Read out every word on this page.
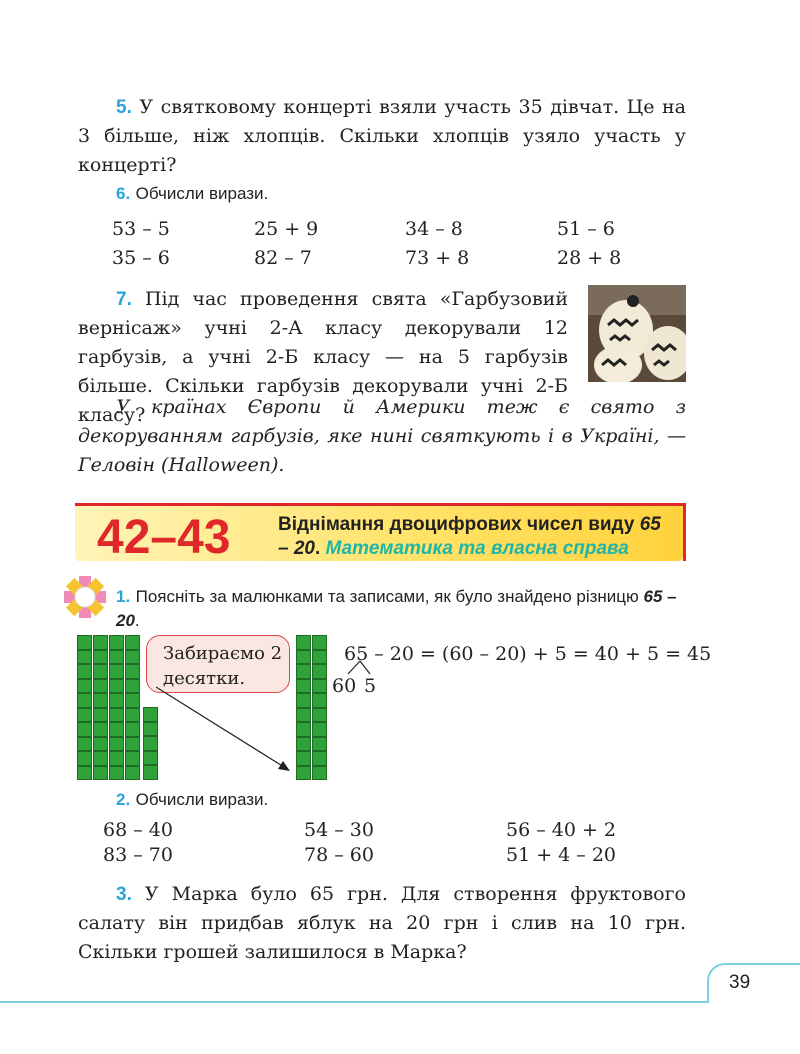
5. У святковому концерті взяли участь 35 дівчат. Це на 3 більше, ніж хлопців. Скільки хлопців узяло участь у концерті?
6. Обчисли вирази.
53 – 5	25 + 9	34 – 8	51 – 6
35 – 6	82 – 7	73 + 8	28 + 8
7. Під час проведення свята «Гарбузовий вернісаж» учні 2-А класу декорували 12 гарбузів, а учні 2-Б класу — на 5 гарбузів більше. Скільки гарбузів декорували учні 2-Б класу?
У країнах Європи й Америки теж є свято з декоруванням гарбузів, яке нині святкують і в Україні, — Геловін (Halloween).
42–43	Віднімання двоцифрових чисел виду 65 – 20. Математика та власна справа
1. Поясніть за малюнками та записами, як було знайдено різницю 65 – 20.
Забираємо 2 десятки.
65 – 20 = (60 – 20) + 5 = 40 + 5 = 45
60 5
2. Обчисли вирази.
68 – 40	54 – 30	56 – 40 + 2
83 – 70	78 – 60	51 + 4 – 20
3. У Марка було 65 грн. Для створення фруктового салату він придбав яблук на 20 грн і слив на 10 грн. Скільки грошей залишилося в Марка?
39
